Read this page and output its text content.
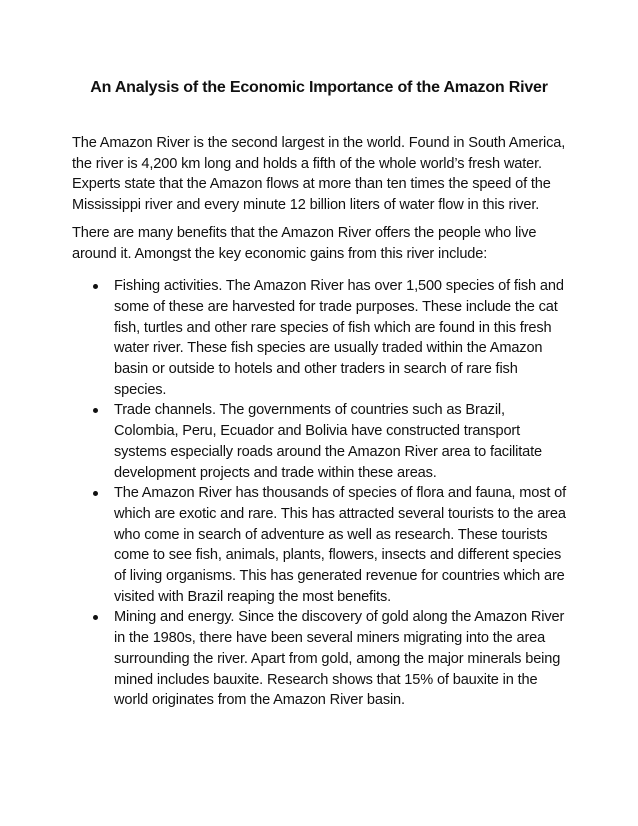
An Analysis of the Economic Importance of the Amazon River

The Amazon River is the second largest in the world. Found in South America, the river is 4,200 km long and holds a fifth of the whole world’s fresh water. Experts state that the Amazon flows at more than ten times the speed of the Mississippi river and every minute 12 billion liters of water flow in this river.

There are many benefits that the Amazon River offers the people who live around it. Amongst the key economic gains from this river include:

Fishing activities. The Amazon River has over 1,500 species of fish and some of these are harvested for trade purposes. These include the cat fish, turtles and other rare species of fish which are found in this fresh water river. These fish species are usually traded within the Amazon basin or outside to hotels and other traders in search of rare fish species.
Trade channels. The governments of countries such as Brazil, Colombia, Peru, Ecuador and Bolivia have constructed transport systems especially roads around the Amazon River area to facilitate development projects and trade within these areas.
The Amazon River has thousands of species of flora and fauna, most of which are exotic and rare. This has attracted several tourists to the area who come in search of adventure as well as research. These tourists come to see fish, animals, plants, flowers, insects and different species of living organisms. This has generated revenue for countries which are visited with Brazil reaping the most benefits.
Mining and energy. Since the discovery of gold along the Amazon River in the 1980s, there have been several miners migrating into the area surrounding the river. Apart from gold, among the major minerals being mined includes bauxite. Research shows that 15% of bauxite in the world originates from the Amazon River basin.
